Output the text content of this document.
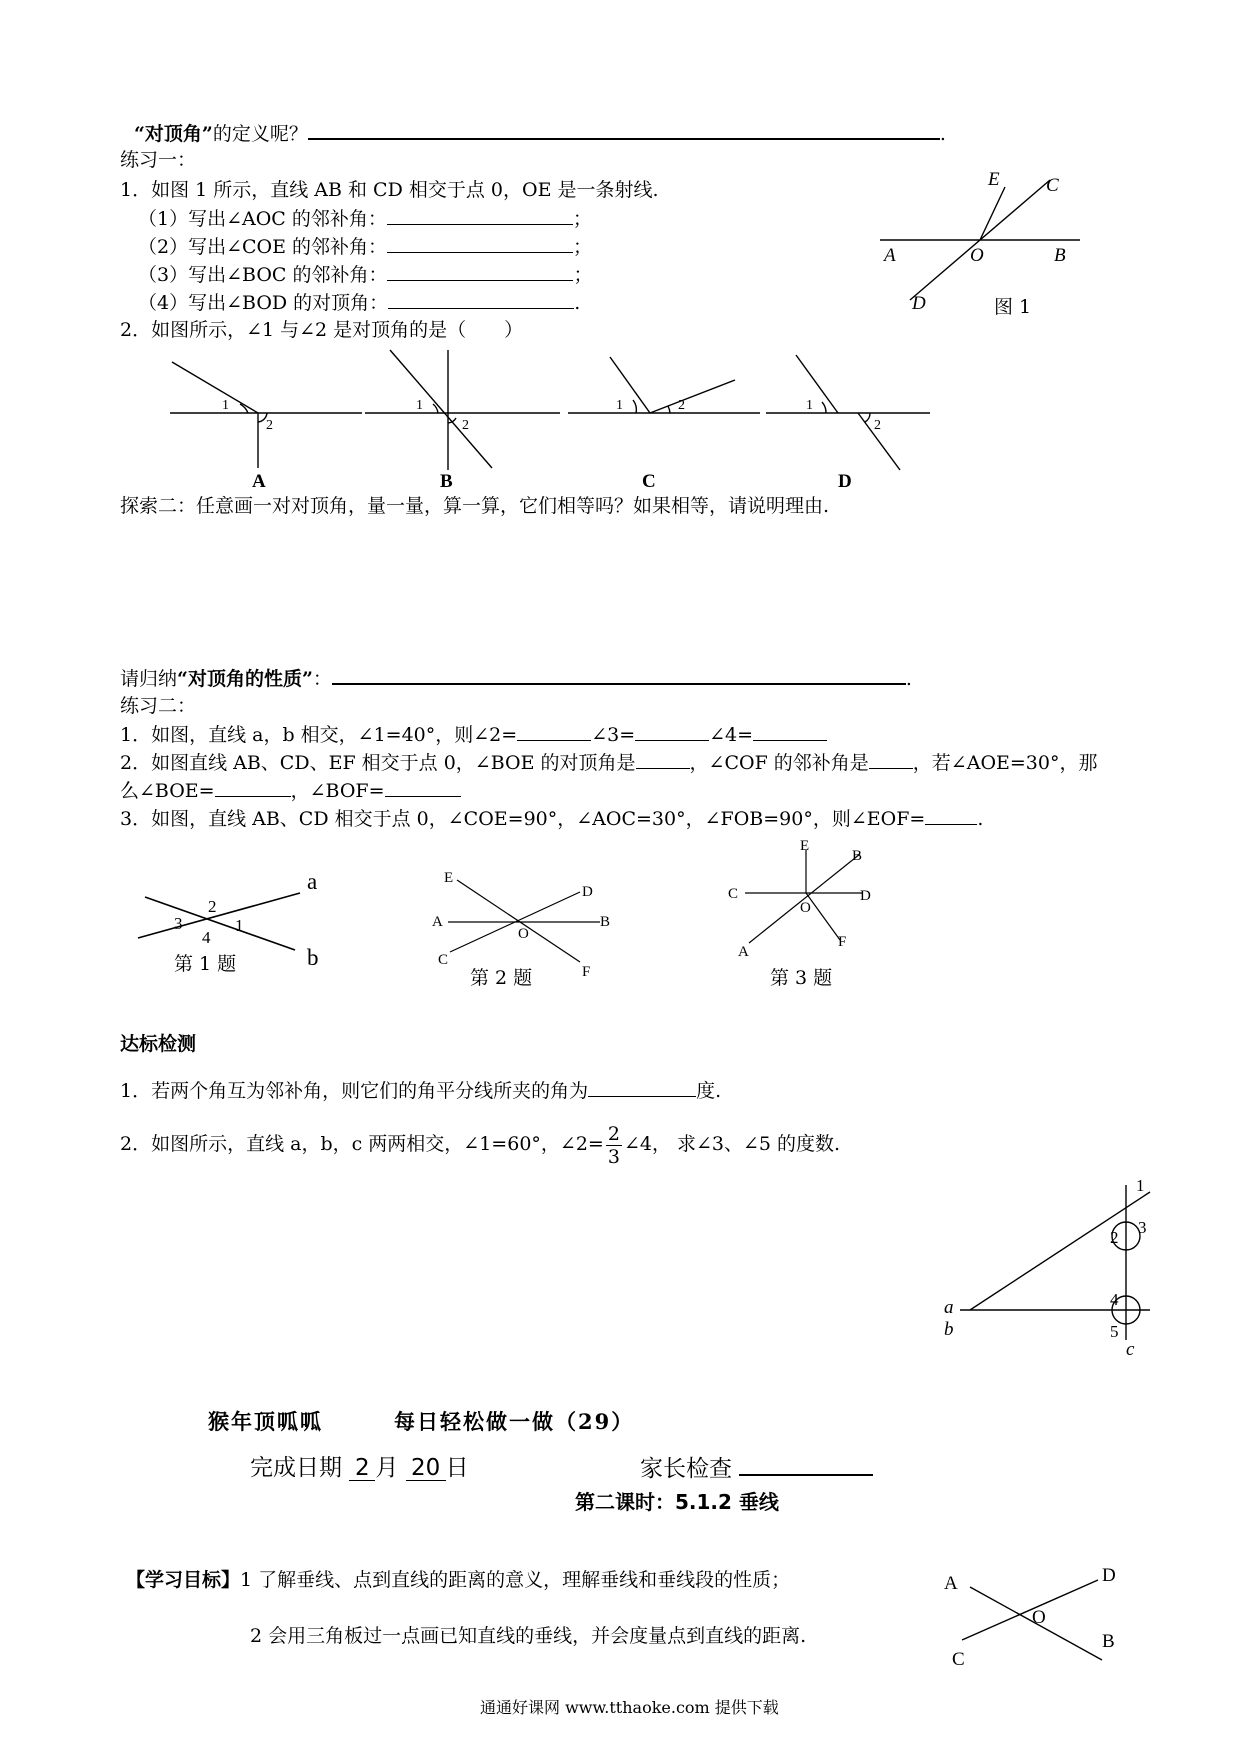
“对顶角”的定义呢？	.
练习一：
1．如图 1 所示，直线 AB 和 CD 相交于点 0，OE 是一条射线.
（1）写出∠AOC 的邻补角：	；
（2）写出∠COE 的邻补角：	；
（3）写出∠BOC 的邻补角：	；
（4）写出∠BOD 的对顶角：	.
2．如图所示，∠1 与∠2 是对顶角的是（　　）
E C
A	O	B
D	图 1
1
2
1
2
1	2	1
2
A	B	C	D
探索二：任意画一对对顶角，量一量，算一算，它们相等吗？如果相等，请说明理由.
请归纳“对顶角的性质”：	.
练习二：
1．如图，直线 a，b 相交，∠1=40°，则∠2=	∠3=	∠4=
2．如图直线 AB、CD、EF 相交于点 0，∠BOE 的对顶角是	，∠COF 的邻补角是 ，若∠AOE=30°，那
么∠BOE=	，∠BOF=
3．如图，直线 AB、CD 相交于点 0，∠COE=90°，∠AOC=30°，∠FOB=90°，则∠EOF=	.
a
b
2
3	1
4
第 1 题
E
D
A
O
B
C
F
第 2 题
E
B
C	D
O
F
A
第 3 题
达标检测
1．若两个角互为邻补角，则它们的角平分线所夹的角为	度.
2．如图所示，直线 a，b，c 两两相交，∠1=60°，∠2= $\frac{2}{3}$ ∠4， 求∠3、∠5 的度数.
1
2
3
4
5
a
b
c
猴年顶呱呱	每日轻松做一做（29）
完成日期 2 月 20 日	家长检查
第二课时：5.1.2 垂线
【学习目标】1 了解垂线、点到直线的距离的意义，理解垂线和垂线段的性质；
2 会用三角板过一点画已知直线的垂线，并会度量点到直线的距离.
A	D
O
B
C
通通好课网 www.tthaoke.com 提供下载
